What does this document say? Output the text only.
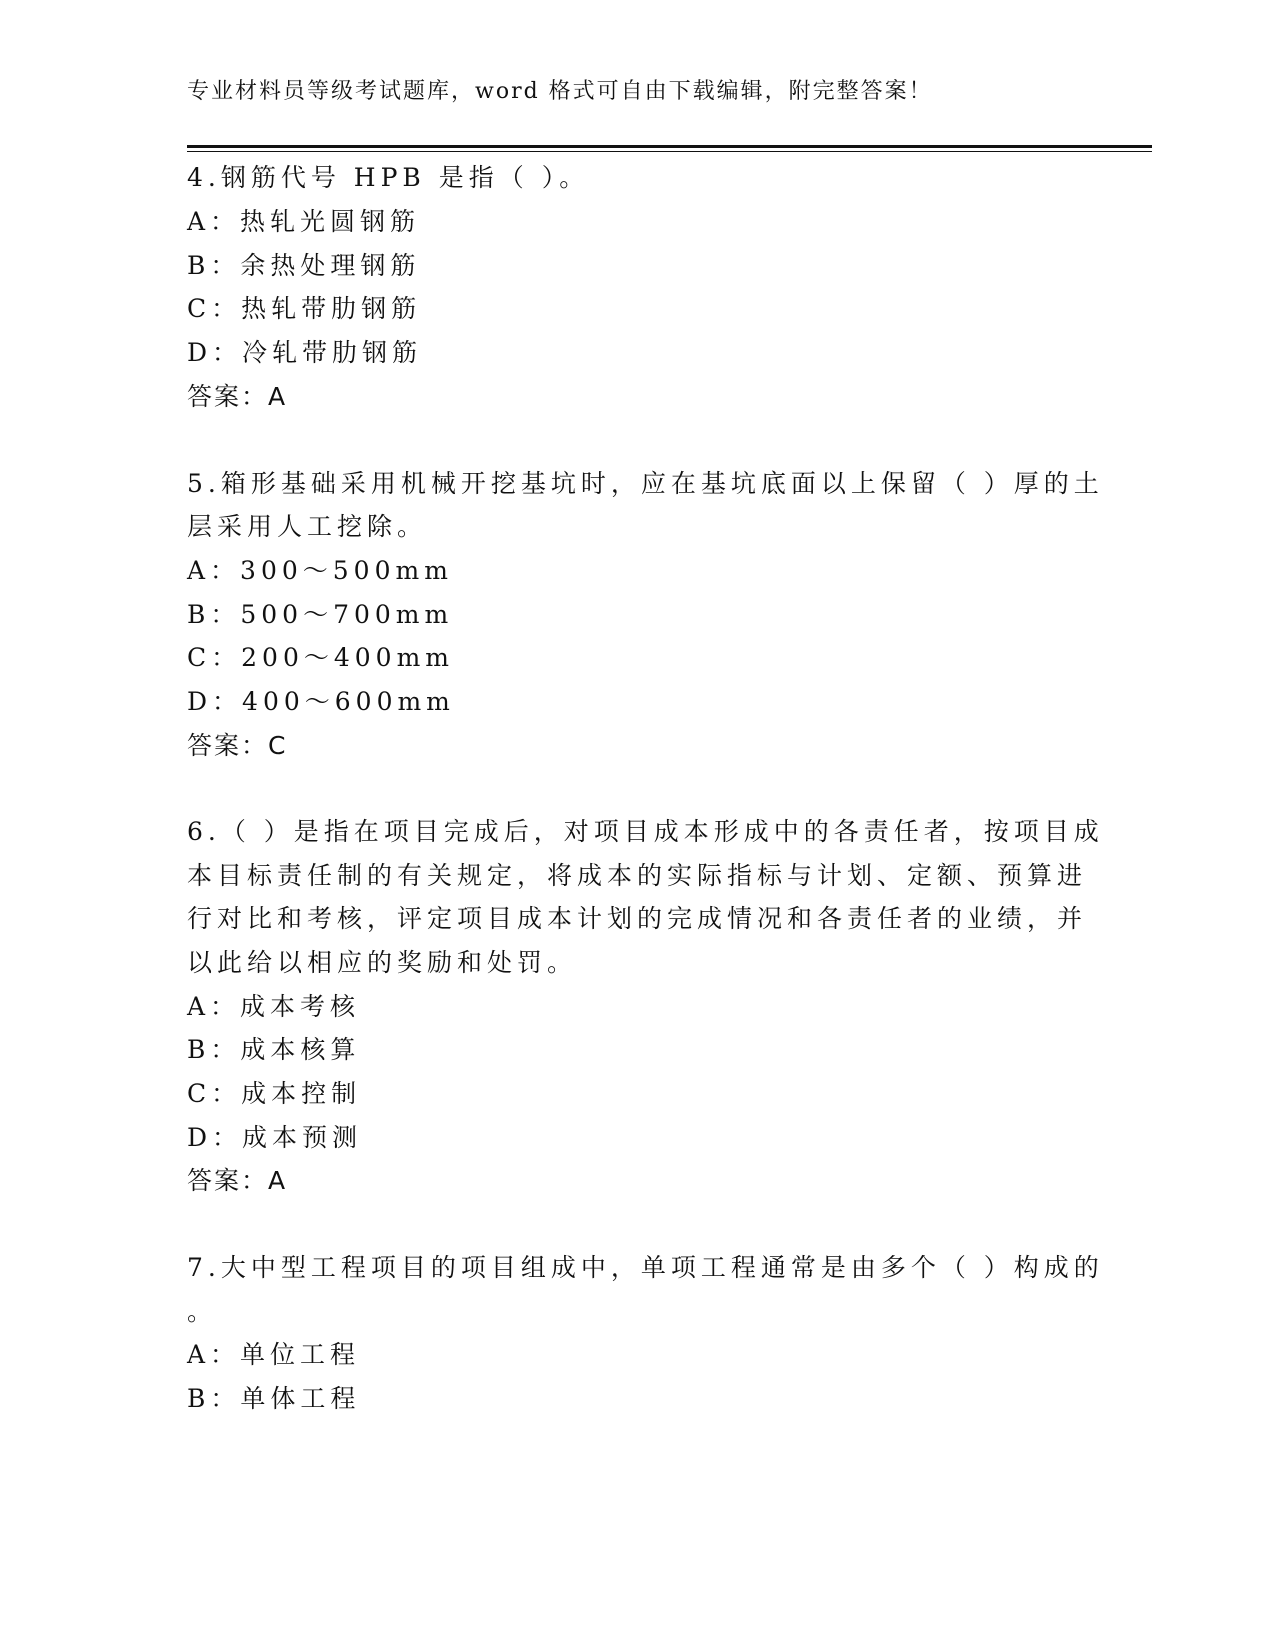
专业材料员等级考试题库，word 格式可自由下载编辑，附完整答案！
4.钢筋代号 HPB 是指（ ）。
A：热轧光圆钢筋
B：余热处理钢筋
C：热轧带肋钢筋
D：冷轧带肋钢筋
答案：A
5.箱形基础采用机械开挖基坑时，应在基坑底面以上保留（ ）厚的土
层采用人工挖除。
A：300～500mm
B：500～700mm
C：200～400mm
D：400～600mm
答案：C
6.（ ）是指在项目完成后，对项目成本形成中的各责任者，按项目成
本目标责任制的有关规定，将成本的实际指标与计划、定额、预算进
行对比和考核，评定项目成本计划的完成情况和各责任者的业绩，并
以此给以相应的奖励和处罚。
A：成本考核
B：成本核算
C：成本控制
D：成本预测
答案：A
7.大中型工程项目的项目组成中，单项工程通常是由多个（ ）构成的
。
A：单位工程
B：单体工程
